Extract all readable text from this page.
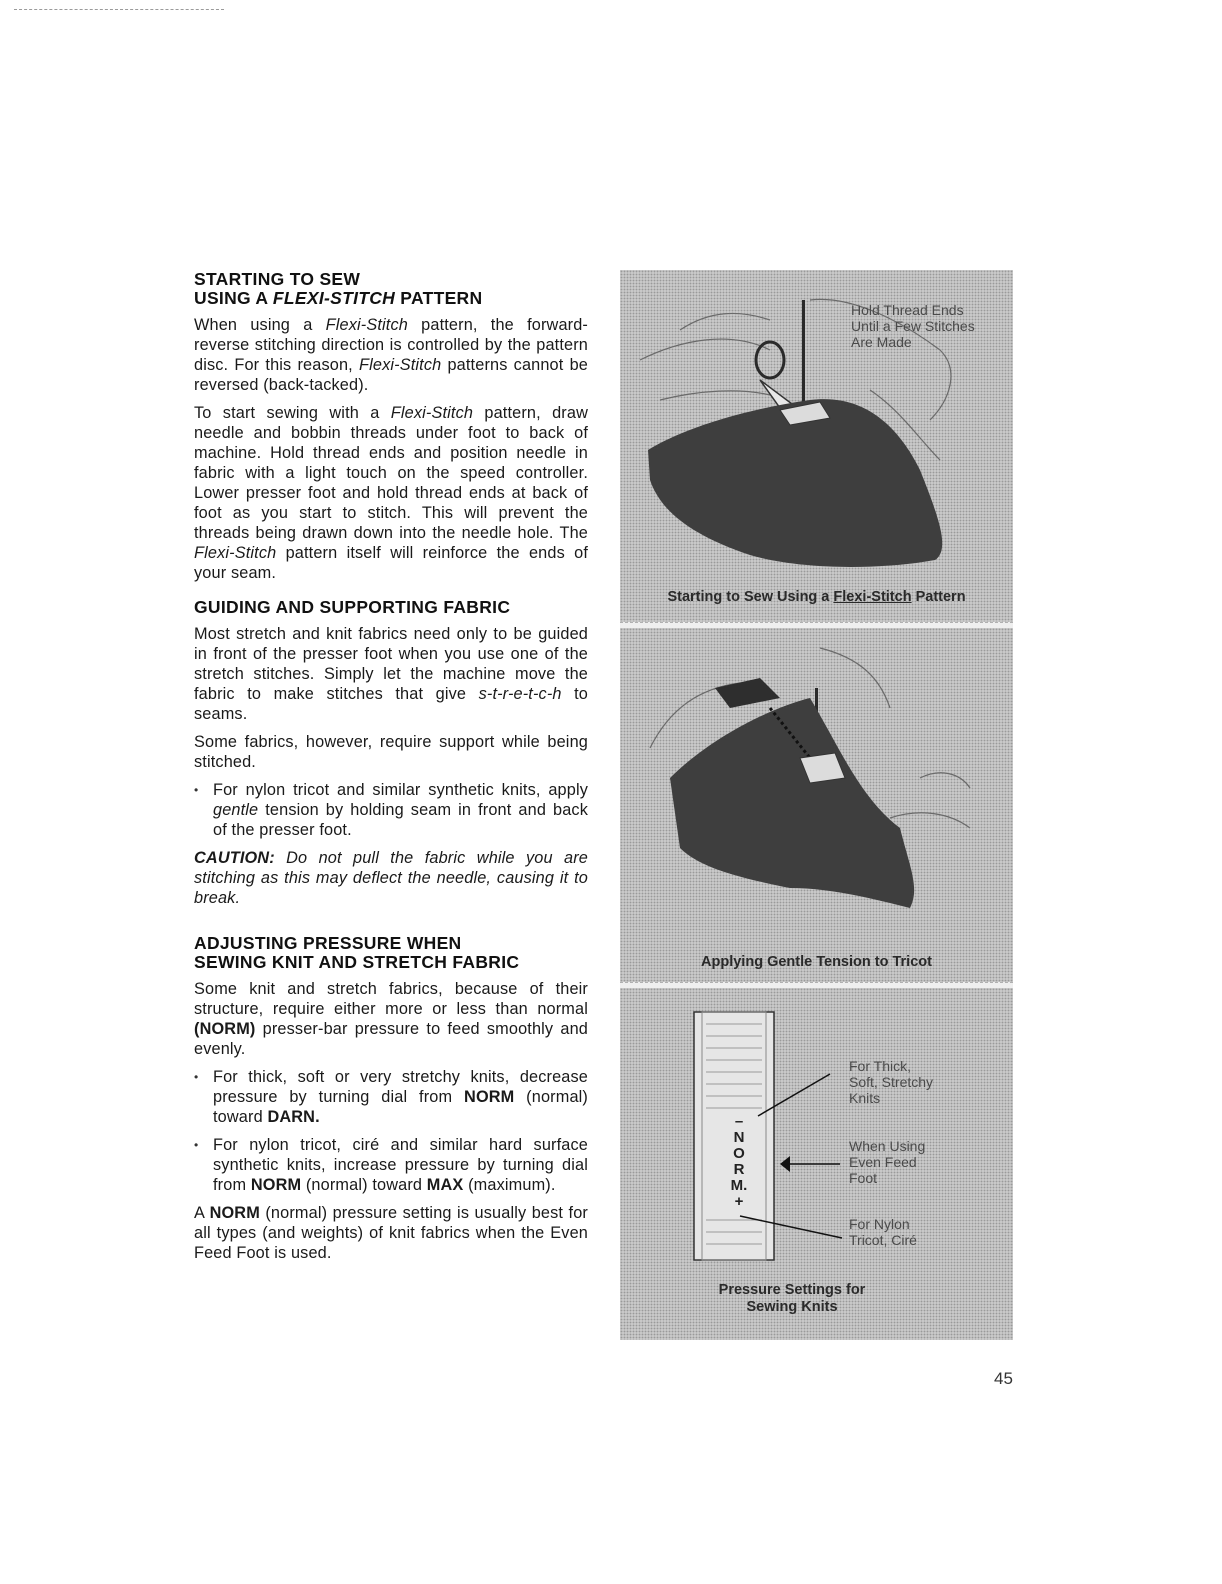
STARTING TO SEW
USING A FLEXI-STITCH PATTERN

When using a Flexi-Stitch pattern, the forward-reverse stitching direction is controlled by the pattern disc. For this reason, Flexi-Stitch patterns cannot be reversed (back-tacked).

To start sewing with a Flexi-Stitch pattern, draw needle and bobbin threads under foot to back of machine. Hold thread ends and position needle in fabric with a light touch on the speed controller. Lower presser foot and hold thread ends at back of foot as you start to stitch. This will prevent the threads being drawn down into the needle hole. The Flexi-Stitch pattern itself will reinforce the ends of your seam.

GUIDING AND SUPPORTING FABRIC

Most stretch and knit fabrics need only to be guided in front of the presser foot when you use one of the stretch stitches. Simply let the machine move the fabric to make stitches that give s-t-r-e-t-c-h to seams.

Some fabrics, however, require support while being stitched.

• For nylon tricot and similar synthetic knits, apply gentle tension by holding seam in front and back of the presser foot.

CAUTION: Do not pull the fabric while you are stitching as this may deflect the needle, causing it to break.

ADJUSTING PRESSURE WHEN
SEWING KNIT AND STRETCH FABRIC

Some knit and stretch fabrics, because of their structure, require either more or less than normal (NORM) presser-bar pressure to feed smoothly and evenly.

• For thick, soft or very stretchy knits, decrease pressure by turning dial from NORM (normal) toward DARN.

• For nylon tricot, ciré and similar hard surface synthetic knits, increase pressure by turning dial from NORM (normal) toward MAX (maximum).

A NORM (normal) pressure setting is usually best for all types (and weights) of knit fabrics when the Even Feed Foot is used.

Hold Thread Ends
Until a Few Stitches
Are Made
Starting to Sew Using a Flexi-Stitch Pattern
Applying Gentle Tension to Tricot
–
N
O
R
M.
+
For Thick,
Soft, Stretchy
Knits
When Using
Even Feed
Foot
For Nylon
Tricot, Ciré
Pressure Settings for
Sewing Knits
45
